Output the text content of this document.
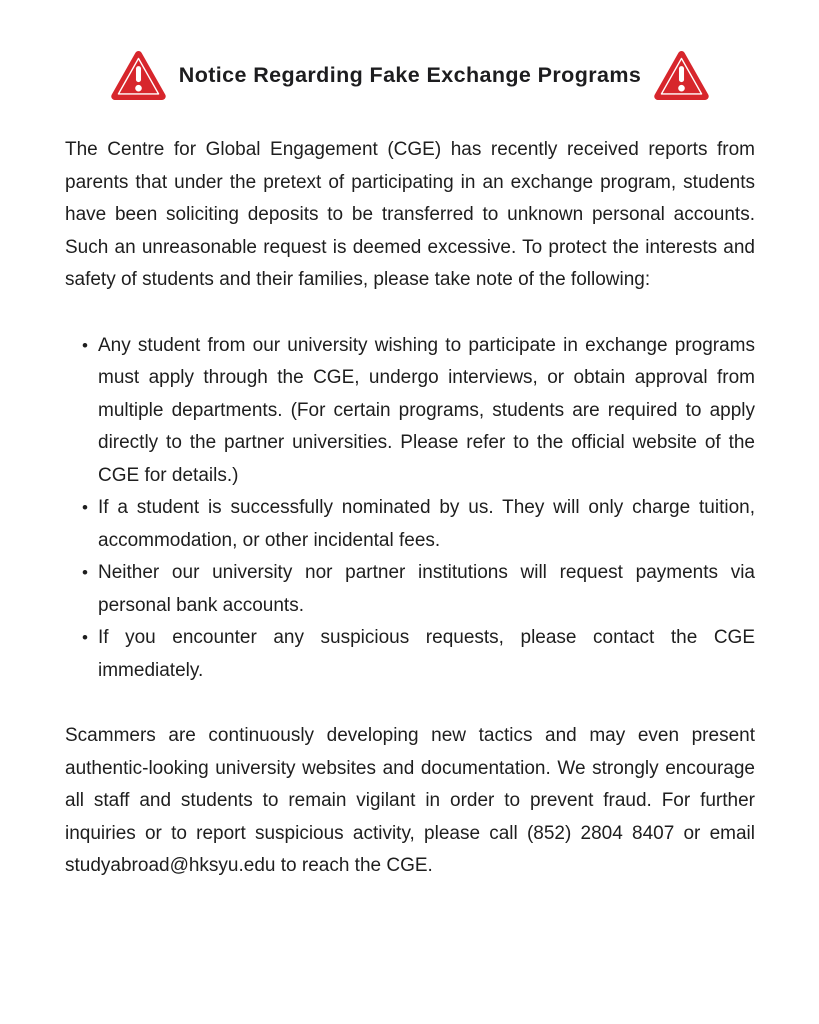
Notice Regarding Fake Exchange Programs

The Centre for Global Engagement (CGE) has recently received reports from parents that under the pretext of participating in an exchange program, students have been soliciting deposits to be transferred to unknown personal accounts. Such an unreasonable request is deemed excessive. To protect the interests and safety of students and their families, please take note of the following:

• Any student from our university wishing to participate in exchange programs must apply through the CGE, undergo interviews, or obtain approval from multiple departments. (For certain programs, students are required to apply directly to the partner universities. Please refer to the official website of the CGE for details.)
• If a student is successfully nominated by us. They will only charge tuition, accommodation, or other incidental fees.
• Neither our university nor partner institutions will request payments via personal bank accounts.
• If you encounter any suspicious requests, please contact the CGE immediately.

Scammers are continuously developing new tactics and may even present authentic-looking university websites and documentation. We strongly encourage all staff and students to remain vigilant in order to prevent fraud. For further inquiries or to report suspicious activity, please call (852) 2804 8407 or email studyabroad@hksyu.edu to reach the CGE.
